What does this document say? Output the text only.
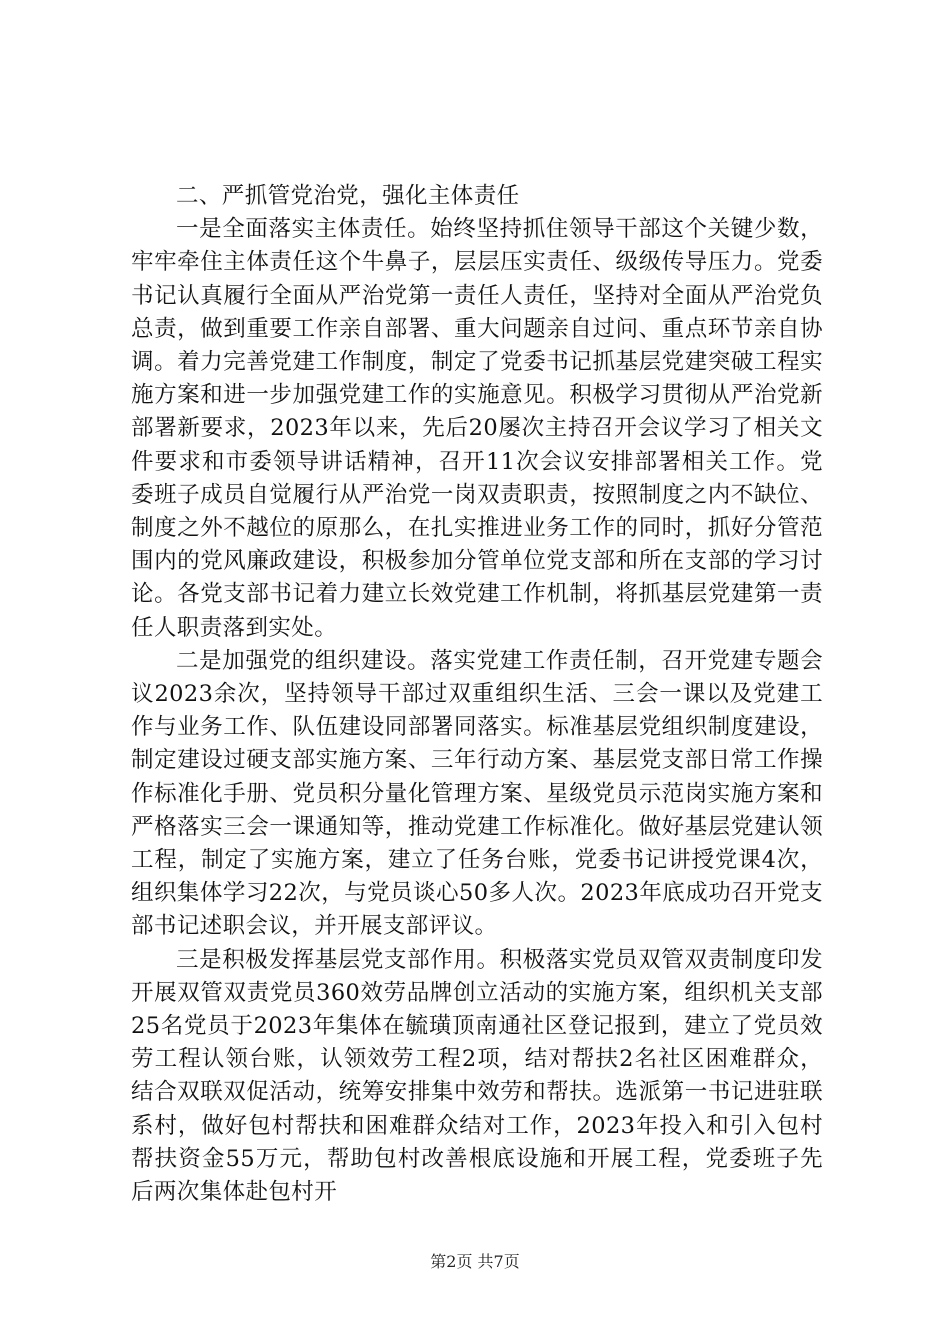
二、严抓管党治党，强化主体责任

一是全面落实主体责任。始终坚持抓住领导干部这个关键少数，牢牢牵住主体责任这个牛鼻子，层层压实责任、级级传导压力。党委书记认真履行全面从严治党第一责任人责任，坚持对全面从严治党负总责，做到重要工作亲自部署、重大问题亲自过问、重点环节亲自协调。着力完善党建工作制度，制定了党委书记抓基层党建突破工程实施方案和进一步加强党建工作的实施意见。积极学习贯彻从严治党新部署新要求，2023年以来，先后20屡次主持召开会议学习了相关文件要求和市委领导讲话精神，召开11次会议安排部署相关工作。党委班子成员自觉履行从严治党一岗双责职责，按照制度之内不缺位、制度之外不越位的原那么，在扎实推进业务工作的同时，抓好分管范围内的党风廉政建设，积极参加分管单位党支部和所在支部的学习讨论。各党支部书记着力建立长效党建工作机制，将抓基层党建第一责任人职责落到实处。

二是加强党的组织建设。落实党建工作责任制，召开党建专题会议2023余次，坚持领导干部过双重组织生活、三会一课以及党建工作与业务工作、队伍建设同部署同落实。标准基层党组织制度建设，制定建设过硬支部实施方案、三年行动方案、基层党支部日常工作操作标准化手册、党员积分量化管理方案、星级党员示范岗实施方案和严格落实三会一课通知等，推动党建工作标准化。做好基层党建认领工程，制定了实施方案，建立了任务台账，党委书记讲授党课4次，组织集体学习22次，与党员谈心50多人次。2023年底成功召开党支部书记述职会议，并开展支部评议。

三是积极发挥基层党支部作用。积极落实党员双管双责制度印发开展双管双责党员360效劳品牌创立活动的实施方案，组织机关支部25名党员于2023年集体在毓璜顶南通社区登记报到，建立了党员效劳工程认领台账，认领效劳工程2项，结对帮扶2名社区困难群众，结合双联双促活动，统筹安排集中效劳和帮扶。选派第一书记进驻联系村，做好包村帮扶和困难群众结对工作，2023年投入和引入包村帮扶资金55万元，帮助包村改善根底设施和开展工程，党委班子先后两次集体赴包村开

第2页 共7页
